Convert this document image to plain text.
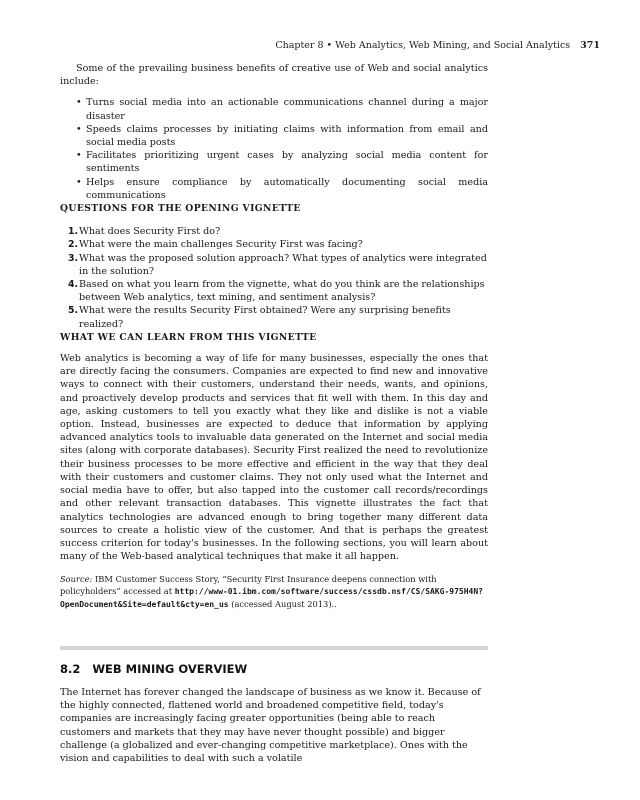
Chapter 8 • Web Analytics, Web Mining, and Social Analytics 371

Some of the prevailing business benefits of creative use of Web and social analytics include:

• Turns social media into an actionable communications channel during a major disaster
• Speeds claims processes by initiating claims with information from email and social media posts
• Facilitates prioritizing urgent cases by analyzing social media content for sentiments
• Helps ensure compliance by automatically documenting social media communications
QUESTIONS FOR THE OPENING VIGNETTE
1. What does Security First do?
2. What were the main challenges Security First was facing?
3. What was the proposed solution approach? What types of analytics were integrated in the solution?
4. Based on what you learn from the vignette, what do you think are the relationships between Web analytics, text mining, and sentiment analysis?
5. What were the results Security First obtained? Were any surprising benefits realized?
WHAT WE CAN LEARN FROM THIS VIGNETTE

Web analytics is becoming a way of life for many businesses, especially the ones that are directly facing the consumers. Companies are expected to find new and innovative ways to connect with their customers, understand their needs, wants, and opinions, and proactively develop products and services that fit well with them. In this day and age, asking customers to tell you exactly what they like and dislike is not a viable option. Instead, businesses are expected to deduce that information by applying advanced analytics tools to invaluable data generated on the Internet and social media sites (along with corporate databases). Security First realized the need to revolutionize their business processes to be more effective and efficient in the way that they deal with their customers and customer claims. They not only used what the Internet and social media have to offer, but also tapped into the customer call records/recordings and other relevant transaction databases. This vignette illustrates the fact that analytics technologies are advanced enough to bring together many different data sources to create a holistic view of the customer. And that is perhaps the greatest success criterion for today's businesses. In the following sections, you will learn about many of the Web-based analytical techniques that make it all happen.

Source: IBM Customer Success Story, “Security First Insurance deepens connection with policyholders” accessed at http://www-01.ibm.com/software/success/cssdb.nsf/CS/SAKG-975H4N?OpenDocument&Site=default&cty=en_us (accessed August 2013)..

8.2 WEB MINING OVERVIEW
The Internet has forever changed the landscape of business as we know it. Because of the highly connected, flattened world and broadened competitive field, today's companies are increasingly facing greater opportunities (being able to reach customers and markets that they may have never thought possible) and bigger challenge (a globalized and ever-changing competitive marketplace). Ones with the vision and capabilities to deal with such a volatile
